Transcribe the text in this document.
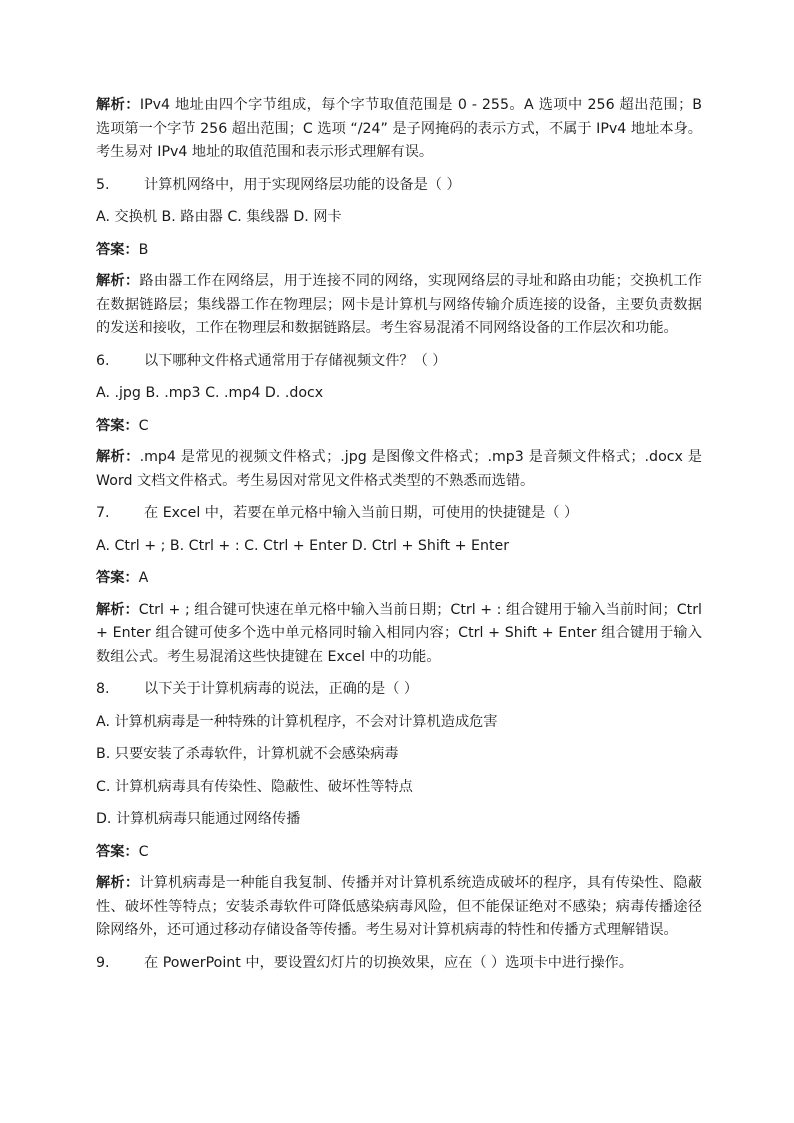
解析：IPv4 地址由四个字节组成，每个字节取值范围是 0 - 255。A 选项中 256 超出范围；B 选项第一个字节 256 超出范围；C 选项 “/24” 是子网掩码的表示方式，不属于 IPv4 地址本身。考生易对 IPv4 地址的取值范围和表示形式理解有误。

5. 计算机网络中，用于实现网络层功能的设备是（ ）
A. 交换机 B. 路由器 C. 集线器 D. 网卡
答案：B

解析：路由器工作在网络层，用于连接不同的网络，实现网络层的寻址和路由功能；交换机工作在数据链路层；集线器工作在物理层；网卡是计算机与网络传输介质连接的设备，主要负责数据的发送和接收，工作在物理层和数据链路层。考生容易混淆不同网络设备的工作层次和功能。

6. 以下哪种文件格式通常用于存储视频文件？（ ）
A. .jpg B. .mp3 C. .mp4 D. .docx
答案：C

解析：.mp4 是常见的视频文件格式；.jpg 是图像文件格式；.mp3 是音频文件格式；.docx 是 Word 文档文件格式。考生易因对常见文件格式类型的不熟悉而选错。

7. 在 Excel 中，若要在单元格中输入当前日期，可使用的快捷键是（ ）
A. Ctrl + ; B. Ctrl + : C. Ctrl + Enter D. Ctrl + Shift + Enter
答案：A

解析：Ctrl + ; 组合键可快速在单元格中输入当前日期；Ctrl + : 组合键用于输入当前时间；Ctrl + Enter 组合键可使多个选中单元格同时输入相同内容；Ctrl + Shift + Enter 组合键用于输入数组公式。考生易混淆这些快捷键在 Excel 中的功能。

8. 以下关于计算机病毒的说法，正确的是（ ）
A. 计算机病毒是一种特殊的计算机程序，不会对计算机造成危害
B. 只要安装了杀毒软件，计算机就不会感染病毒
C. 计算机病毒具有传染性、隐蔽性、破坏性等特点
D. 计算机病毒只能通过网络传播
答案：C

解析：计算机病毒是一种能自我复制、传播并对计算机系统造成破坏的程序，具有传染性、隐蔽性、破坏性等特点；安装杀毒软件可降低感染病毒风险，但不能保证绝对不感染；病毒传播途径除网络外，还可通过移动存储设备等传播。考生易对计算机病毒的特性和传播方式理解错误。

9. 在 PowerPoint 中，要设置幻灯片的切换效果，应在（ ）选项卡中进行操作。
